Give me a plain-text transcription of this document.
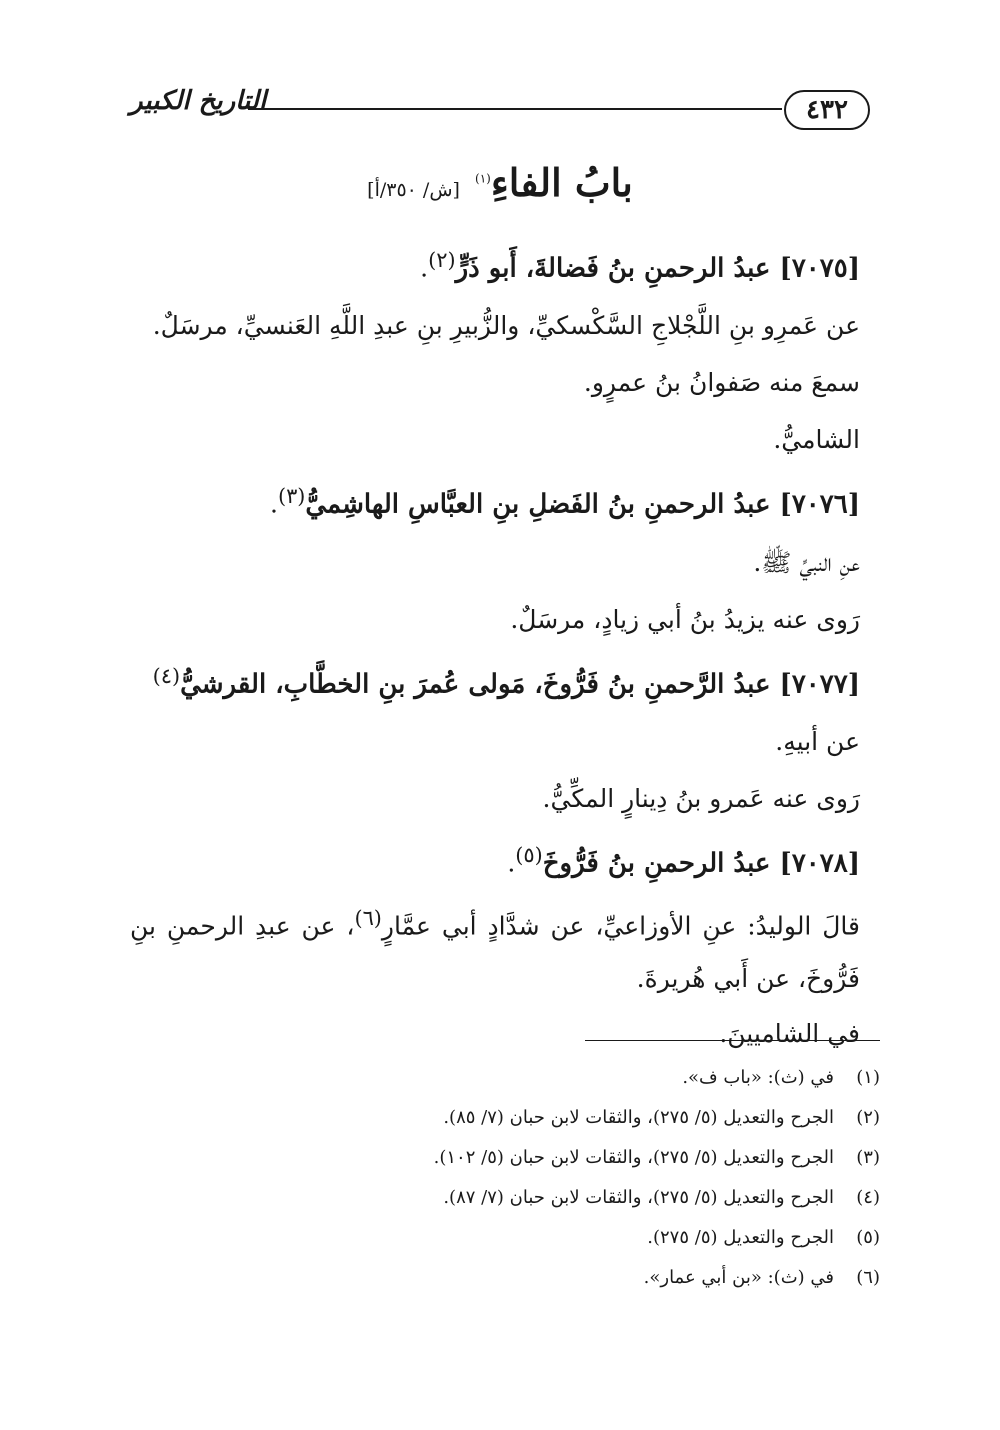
٤٣٢
التاريخ الكبير
بابُ الفاءِ$^{(١)}$ [ش/ ٣٥٠/أ]
[٧٠٧٥] عبدُ الرحمنِ بنُ فَضالةَ، أَبو ذَرٍّ$^{(٢)}$.
عن عَمرِو بنِ اللَّجْلاجِ السَّكْسكيِّ، والزُّبيرِ بنِ عبدِ اللَّهِ العَنسيِّ، مرسَلٌ.
سمعَ منه صَفوانُ بنُ عمرٍو.
الشاميُّ.
[٧٠٧٦] عبدُ الرحمنِ بنُ الفَضلِ بنِ العبَّاسِ الهاشِميُّ$^{(٣)}$.
عنِ النبيِّ ﷺ.
رَوى عنه يزيدُ بنُ أبي زيادٍ، مرسَلٌ.
[٧٠٧٧] عبدُ الرَّحمنِ بنُ فَرُّوخَ، مَولى عُمرَ بنِ الخطَّابِ، القرشيُّ$^{(٤)}$
عن أبيهِ.
رَوى عنه عَمرو بنُ دِينارٍ المكِّيُّ.
[٧٠٧٨] عبدُ الرحمنِ بنُ فَرُّوخَ$^{(٥)}$.
قالَ الوليدُ: عنِ الأوزاعيِّ، عن شدَّادٍ أبي عمَّارٍ$^{(٦)}$، عن عبدِ الرحمنِ بنِ فَرُّوخَ، عن أَبي هُريرةَ.
في الشاميينَ.
(١)في (ث): «باب ف».
(٢)الجرح والتعديل (٥/ ٢٧٥)، والثقات لابن حبان (٧/ ٨٥).
(٣)الجرح والتعديل (٥/ ٢٧٥)، والثقات لابن حبان (٥/ ١٠٢).
(٤)الجرح والتعديل (٥/ ٢٧٥)، والثقات لابن حبان (٧/ ٨٧).
(٥)الجرح والتعديل (٥/ ٢٧٥).
(٦)في (ث): «بن أبي عمار».
